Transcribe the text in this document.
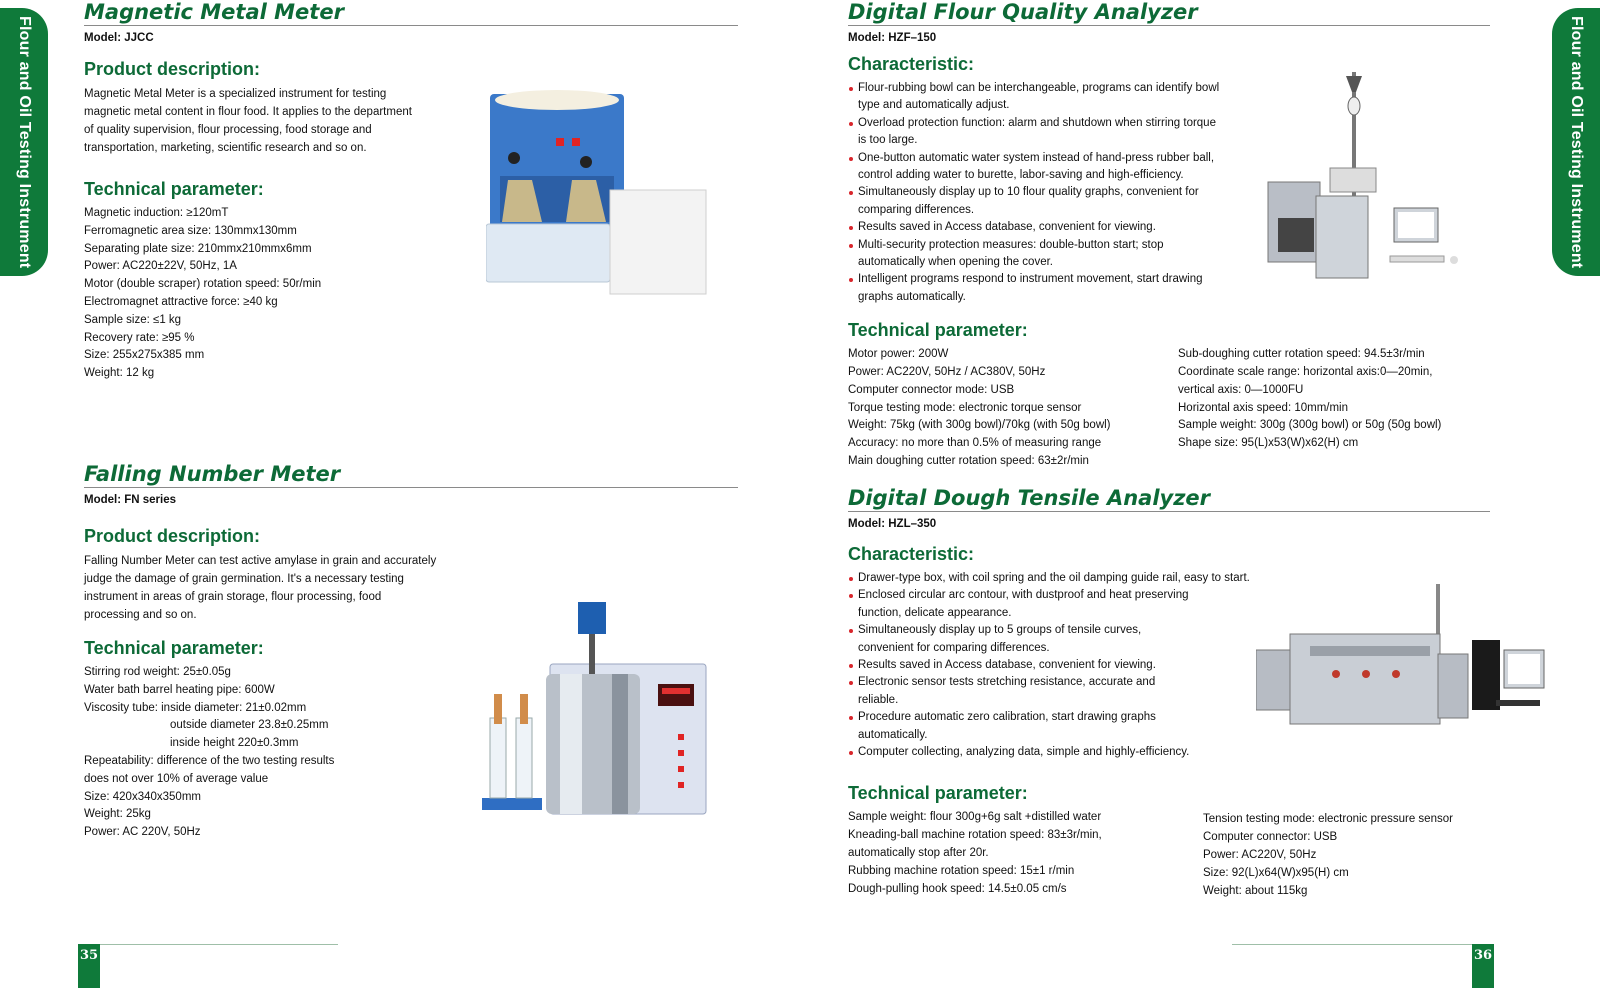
Flour and Oil Testing Instrument	Flour and Oil Testing Instrument
Magnetic Metal Meter
Model: JJCC
Product description:
Magnetic Metal Meter is a specialized instrument for testing
magnetic metal content in flour food. It applies to the department
of quality supervision, flour processing, food storage and
transportation, marketing, scientific research and so on.
Technical parameter:
Magnetic induction: ≥120mT
Ferromagnetic area size: 130mmx130mm
Separating plate size: 210mmx210mmx6mm
Power: AC220±22V, 50Hz, 1A
Motor (double scraper) rotation speed: 50r/min
Electromagnet attractive force: ≥40 kg
Sample size: ≤1 kg
Recovery rate: ≥95 %
Size: 255x275x385 mm
Weight: 12 kg
Falling Number Meter
Model: FN series
Product description:
Falling Number Meter can test active amylase in grain and accurately
judge the damage of grain germination. It's a necessary testing
instrument in areas of grain storage, flour processing, food
processing and so on.
Technical parameter:
Stirring rod weight: 25±0.05g
Water bath barrel heating pipe: 600W
Viscosity tube: inside diameter: 21±0.02mm
outside diameter 23.8±0.25mm
inside height 220±0.3mm
Repeatability: difference of the two testing results
does not over 10% of average value
Size: 420x340x350mm
Weight: 25kg
Power: AC 220V, 50Hz
Digital Flour Quality Analyzer
Model: HZF–150
Characteristic:
Flour-rubbing bowl can be interchangeable, programs can identify bowl
type and automatically adjust.
Overload protection function: alarm and shutdown when stirring torque
is too large.
One-button automatic water system instead of hand-press rubber ball,
control adding water to burette, labor-saving and high-efficiency.
Simultaneously display up to 10 flour quality graphs, convenient for
comparing differences.
Results saved in Access database, convenient for viewing.
Multi-security protection measures: double-button start; stop
automatically when opening the cover.
Intelligent programs respond to instrument movement, start drawing
graphs automatically.
Technical parameter:
Motor power: 200W
Power: AC220V, 50Hz / AC380V, 50Hz
Computer connector mode: USB
Torque testing mode: electronic torque sensor
Weight: 75kg (with 300g bowl)/70kg (with 50g bowl)
Accuracy: no more than 0.5% of measuring range
Main doughing cutter rotation speed: 63±2r/min
Sub-doughing cutter rotation speed: 94.5±3r/min
Coordinate scale range: horizontal axis:0—20min,
vertical axis: 0—1000FU
Horizontal axis speed: 10mm/min
Sample weight: 300g (300g bowl) or 50g (50g bowl)
Shape size: 95(L)x53(W)x62(H) cm
Digital Dough Tensile Analyzer
Model: HZL–350
Characteristic:
Drawer-type box, with coil spring and the oil damping guide rail, easy to start.
Enclosed circular arc contour, with dustproof and heat preserving
function, delicate appearance.
Simultaneously display up to 5 groups of tensile curves,
convenient for comparing differences.
Results saved in Access database, convenient for viewing.
Electronic sensor tests stretching resistance, accurate and
reliable.
Procedure automatic zero calibration, start drawing graphs
automatically.
Computer collecting, analyzing data, simple and highly-efficiency.
Technical parameter:
Sample weight: flour 300g+6g salt +distilled water
Kneading-ball machine rotation speed: 83±3r/min,
automatically stop after 20r.
Rubbing machine rotation speed: 15±1 r/min
Dough-pulling hook speed: 14.5±0.05 cm/s
Tension testing mode: electronic pressure sensor
Computer connector: USB
Power: AC220V, 50Hz
Size: 92(L)x64(W)x95(H) cm
Weight: about 115kg
35	36
